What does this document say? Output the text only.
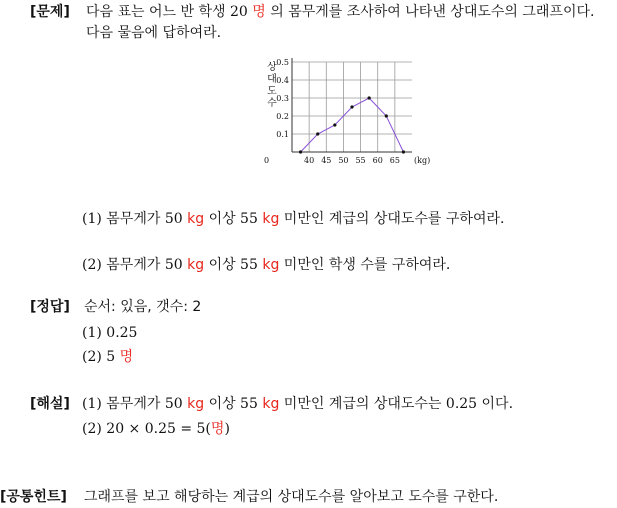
[문제] 다음 표는 어느 반 학생 20 명 의 몸무게를 조사하여 나타낸 상대도수의 그래프이다.
다음 물음에 답하여라.
0.1
0.2
0.3
0.4
0.5
40 45 50 55 60 65
0	(kg)
상
대
도
수
(1) 몸무게가 50 kg 이상 55 kg 미만인 계급의 상대도수를 구하여라.
(2) 몸무게가 50 kg 이상 55 kg 미만인 학생 수를 구하여라.
[정답] 순서: 있음, 갯수: 2
(1) 0.25
(2) 5 명
[해설] (1) 몸무게가 50 kg 이상 55 kg 미만인 계급의 상대도수는 0.25 이다.
(2) 20 × 0.25 = 5(명)
[공통힌트] 그래프를 보고 해당하는 계급의 상대도수를 알아보고 도수를 구한다.
